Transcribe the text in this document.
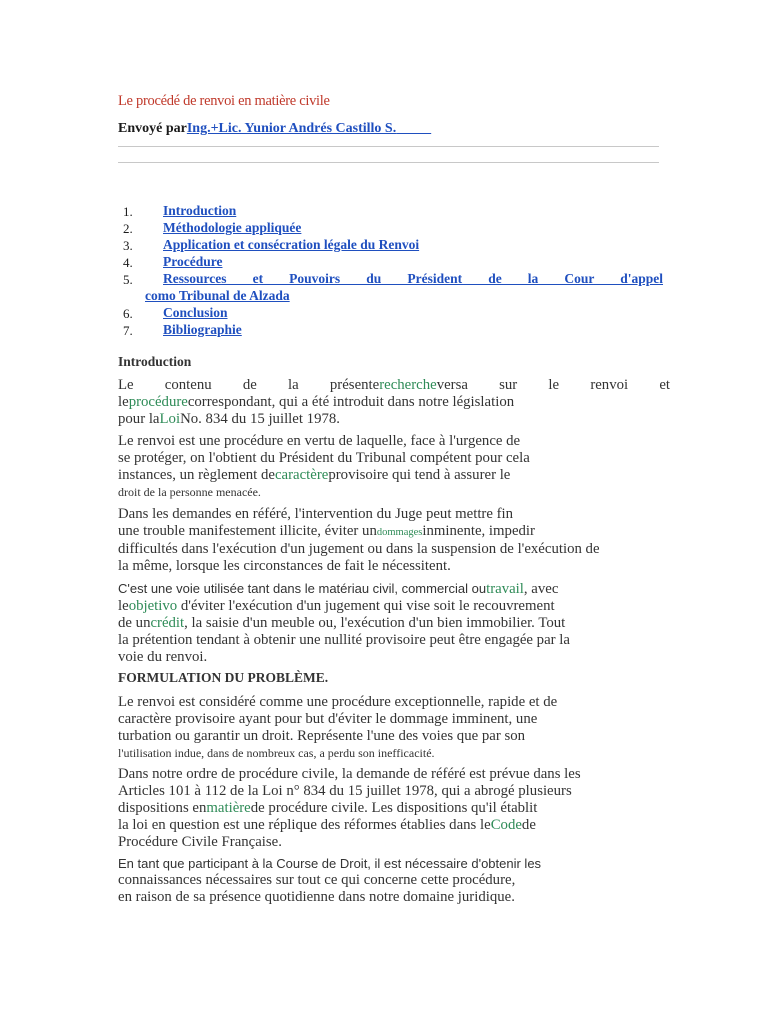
Le procédé de renvoi en matière civile
Envoyé parIng.+Lic. Yunior Andrés Castillo S.
1. Introduction
2. Méthodologie appliquée
3. Application et consécration légale du Renvoi
4. Procédure
5. Ressources et Pouvoirs du Président de la Cour d'appel
como Tribunal de Alzada
6. Conclusion
7. Bibliographie
Introduction
Le contenu de la présenterechercheversa sur le renvoi et
leprocédurecorrespondant, qui a été introduit dans notre législation
pour laLoiNo. 834 du 15 juillet 1978.
Le renvoi est une procédure en vertu de laquelle, face à l'urgence de
se protéger, on l'obtient du Président du Tribunal compétent pour cela
instances, un règlement decaractèreprovisoire qui tend à assurer le
droit de la personne menacée.
Dans les demandes en référé, l'intervention du Juge peut mettre fin
une trouble manifestement illicite, éviter undommagesinminente, impedir
difficultés dans l'exécution d'un jugement ou dans la suspension de l'exécution de
la même, lorsque les circonstances de fait le nécessitent.
C'est une voie utilisée tant dans le matériau civil, commercial outravail, avec
leobjetivo d'éviter l'exécution d'un jugement qui vise soit le recouvrement
de uncrédit, la saisie d'un meuble ou, l'exécution d'un bien immobilier. Tout
la prétention tendant à obtenir une nullité provisoire peut être engagée par la
voie du renvoi.
FORMULATION DU PROBLÈME.
Le renvoi est considéré comme une procédure exceptionnelle, rapide et de
caractère provisoire ayant pour but d'éviter le dommage imminent, une
turbation ou garantir un droit. Représente l'une des voies que par son
l'utilisation indue, dans de nombreux cas, a perdu son inefficacité.
Dans notre ordre de procédure civile, la demande de référé est prévue dans les
Articles 101 à 112 de la Loi n° 834 du 15 juillet 1978, qui a abrogé plusieurs
dispositions enmatièrede procédure civile. Les dispositions qu'il établit
la loi en question est une réplique des réformes établies dans leCodede
Procédure Civile Française.
En tant que participant à la Course de Droit, il est nécessaire d'obtenir les
connaissances nécessaires sur tout ce qui concerne cette procédure,
en raison de sa présence quotidienne dans notre domaine juridique.
